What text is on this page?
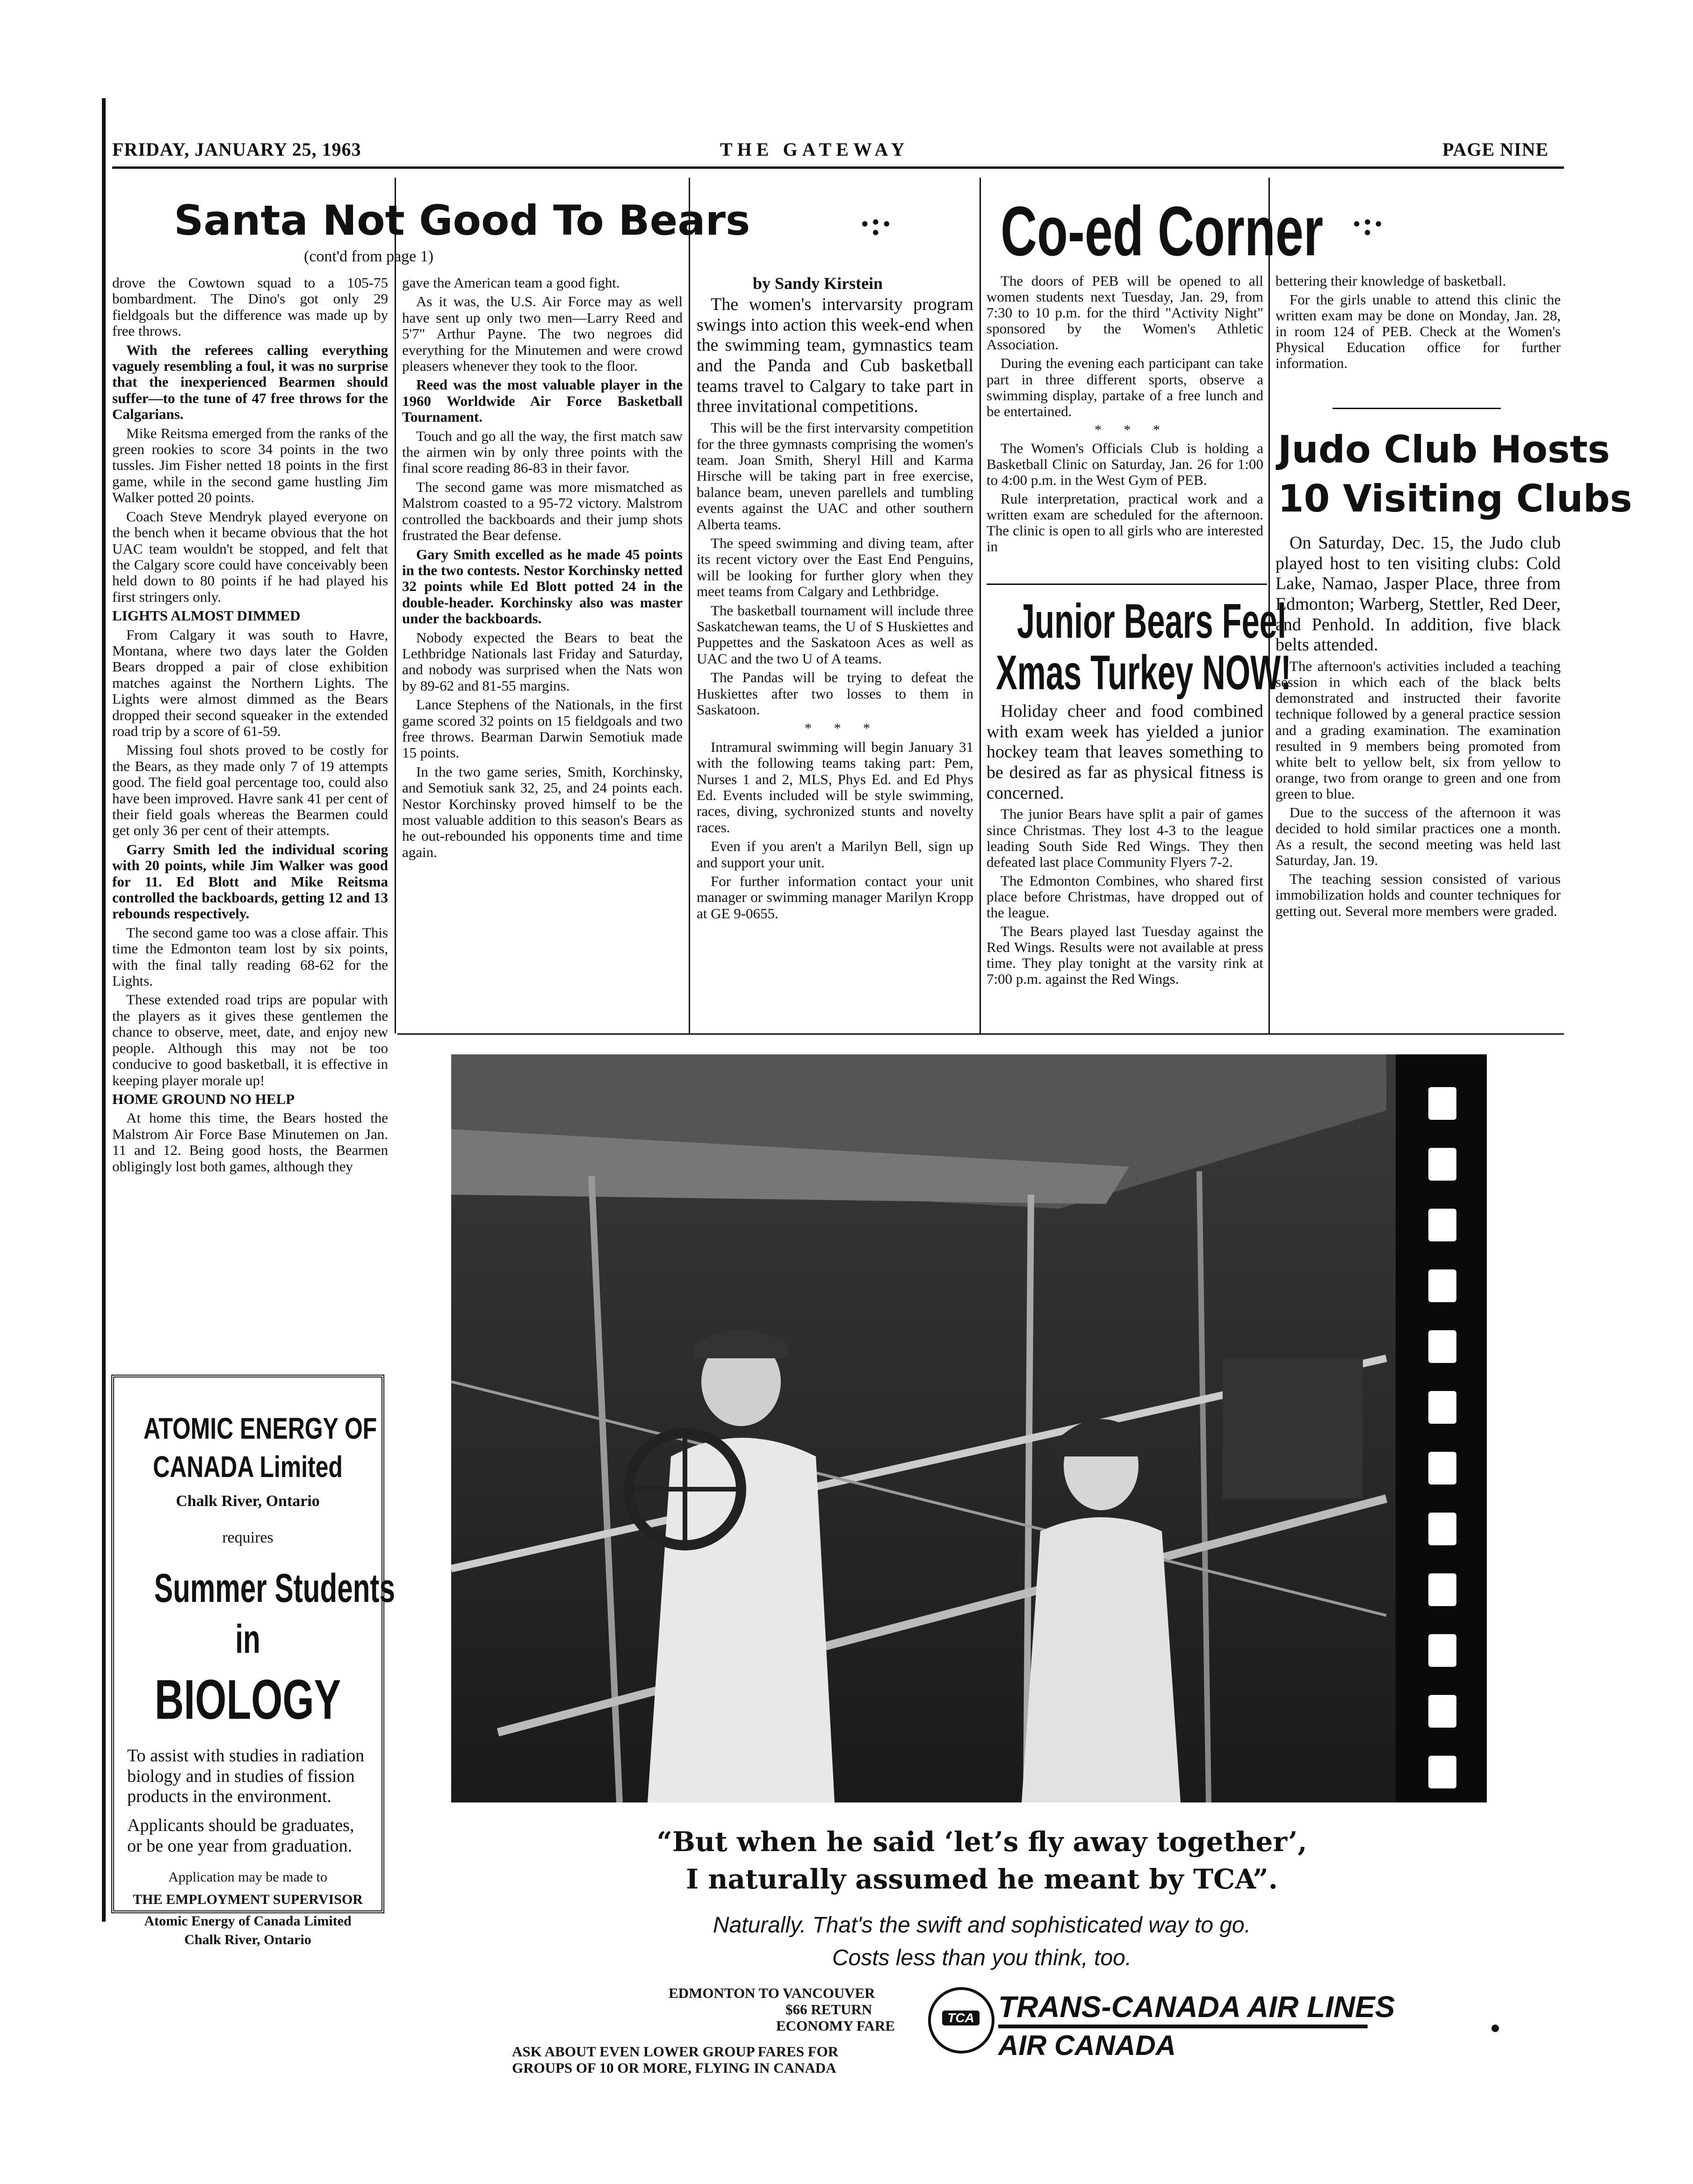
FRIDAY, JANUARY 25, 1963	THE GATEWAY	PAGE NINE
Santa Not Good To Bears
(cont'd from page 1)

drove the Cowtown squad to a 105-75 bombardment. The Dino's got only 29 fieldgoals but the difference was made up by free throws.

With the referees calling everything vaguely resembling a foul, it was no surprise that the inexperienced Bearmen should suffer—to the tune of 47 free throws for the Calgarians.

Mike Reitsma emerged from the ranks of the green rookies to score 34 points in the two tussles. Jim Fisher netted 18 points in the first game, while in the second game hustling Jim Walker potted 20 points.

Coach Steve Mendryk played everyone on the bench when it became obvious that the hot UAC team wouldn't be stopped, and felt that the Calgary score could have conceivably been held down to 80 points if he had played his first stringers only.

LIGHTS ALMOST DIMMED

From Calgary it was south to Havre, Montana, where two days later the Golden Bears dropped a pair of close exhibition matches against the Northern Lights. The Lights were almost dimmed as the Bears dropped their second squeaker in the extended road trip by a score of 61-59.

Missing foul shots proved to be costly for the Bears, as they made only 7 of 19 attempts good. The field goal percentage too, could also have been improved. Havre sank 41 per cent of their field goals whereas the Bearmen could get only 36 per cent of their attempts.

Garry Smith led the individual scoring with 20 points, while Jim Walker was good for 11. Ed Blott and Mike Reitsma controlled the backboards, getting 12 and 13 rebounds respectively.

The second game too was a close affair. This time the Edmonton team lost by six points, with the final tally reading 68-62 for the Lights.

These extended road trips are popular with the players as it gives these gentlemen the chance to observe, meet, date, and enjoy new people. Although this may not be too conducive to good basketball, it is effective in keeping player morale up!

HOME GROUND NO HELP

At home this time, the Bears hosted the Malstrom Air Force Base Minutemen on Jan. 11 and 12. Being good hosts, the Bearmen obligingly lost both games, although they

gave the American team a good fight.

As it was, the U.S. Air Force may as well have sent up only two men—Larry Reed and 5'7" Arthur Payne. The two negroes did everything for the Minutemen and were crowd pleasers whenever they took to the floor.

Reed was the most valuable player in the 1960 Worldwide Air Force Basketball Tournament.

Touch and go all the way, the first match saw the airmen win by only three points with the final score reading 86-83 in their favor.

The second game was more mismatched as Malstrom coasted to a 95-72 victory. Malstrom controlled the backboards and their jump shots frustrated the Bear defense.

Gary Smith excelled as he made 45 points in the two contests. Nestor Korchinsky netted 32 points while Ed Blott potted 24 in the double-header. Korchinsky also was master under the backboards.

Nobody expected the Bears to beat the Lethbridge Nationals last Friday and Saturday, and nobody was surprised when the Nats won by 89-62 and 81-55 margins.

Lance Stephens of the Nationals, in the first game scored 32 points on 15 fieldgoals and two free throws. Bearman Darwin Semotiuk made 15 points.

In the two game series, Smith, Korchinsky, and Semotiuk sank 32, 25, and 24 points each. Nestor Korchinsky proved himself to be the most valuable addition to this season's Bears as he out-rebounded his opponents time and time again.

·:· Co-ed Corner ·:·
by Sandy Kirstein

The women's intervarsity program swings into action this week-end when the swimming team, gymnastics team and the Panda and Cub basketball teams travel to Calgary to take part in three invitational competitions.

This will be the first intervarsity competition for the three gymnasts comprising the women's team. Joan Smith, Sheryl Hill and Karma Hirsche will be taking part in free exercise, balance beam, uneven parellels and tumbling events against the UAC and other southern Alberta teams.

The speed swimming and diving team, after its recent victory over the East End Penguins, will be looking for further glory when they meet teams from Calgary and Lethbridge.

The basketball tournament will include three Saskatchewan teams, the U of S Huskiettes and Puppettes and the Saskatoon Aces as well as UAC and the two U of A teams.

The Pandas will be trying to defeat the Huskiettes after two losses to them in Saskatoon.

* * *

Intramural swimming will begin January 31 with the following teams taking part: Pem, Nurses 1 and 2, MLS, Phys Ed. and Ed Phys Ed. Events included will be style swimming, races, diving, sychronized stunts and novelty races.

Even if you aren't a Marilyn Bell, sign up and support your unit.

For further information contact your unit manager or swimming manager Marilyn Kropp at GE 9-0655.

The doors of PEB will be opened to all women students next Tuesday, Jan. 29, from 7:30 to 10 p.m. for the third "Activity Night" sponsored by the Women's Athletic Association.

During the evening each participant can take part in three different sports, observe a swimming display, partake of a free lunch and be entertained.

* * *

The Women's Officials Club is holding a Basketball Clinic on Saturday, Jan. 26 for 1:00 to 4:00 p.m. in the West Gym of PEB.

Rule interpretation, practical work and a written exam are scheduled for the afternoon. The clinic is open to all girls who are interested in

bettering their knowledge of basketball.

For the girls unable to attend this clinic the written exam may be done on Monday, Jan. 28, in room 124 of PEB. Check at the Women's Physical Education office for further information.

Junior Bears Feel
Xmas Turkey NOW!

Holiday cheer and food combined with exam week has yielded a junior hockey team that leaves something to be desired as far as physical fitness is concerned.

The junior Bears have split a pair of games since Christmas. They lost 4-3 to the league leading South Side Red Wings. They then defeated last place Community Flyers 7-2.

The Edmonton Combines, who shared first place before Christmas, have dropped out of the league.

The Bears played last Tuesday against the Red Wings. Results were not available at press time. They play tonight at the varsity rink at 7:00 p.m. against the Red Wings.

Judo Club Hosts
10 Visiting Clubs

On Saturday, Dec. 15, the Judo club played host to ten visiting clubs: Cold Lake, Namao, Jasper Place, three from Edmonton; Warberg, Stettler, Red Deer, and Penhold. In addition, five black belts attended.

The afternoon's activities included a teaching session in which each of the black belts demonstrated and instructed their favorite technique followed by a general practice session and a grading examination. The examination resulted in 9 members being promoted from white belt to yellow belt, six from yellow to orange, two from orange to green and one from green to blue.

Due to the success of the afternoon it was decided to hold similar practices one a month. As a result, the second meeting was held last Saturday, Jan. 19.

The teaching session consisted of various immobilization holds and counter techniques for getting out. Several more members were graded.

ATOMIC ENERGY OF
CANADA Limited
Chalk River, Ontario
requires
Summer Students
in
BIOLOGY
To assist with studies in radiation biology and in studies of fission products in the environment.
Applicants should be graduates, or be one year from graduation.
Application may be made to
THE EMPLOYMENT SUPERVISOR
Atomic Energy of Canada Limited
Chalk River, Ontario
“But when he said ‘let’s fly away together’,
I naturally assumed he meant by TCA”.
Naturally. That's the swift and sophisticated way to go.
Costs less than you think, too.
EDMONTON TO VANCOUVER
$66 RETURN
ECONOMY FARE
ASK ABOUT EVEN LOWER GROUP FARES FOR
GROUPS OF 10 OR MORE, FLYING IN CANADA
TCA TRANS-CANADA AIR LINES
AIR CANADA
